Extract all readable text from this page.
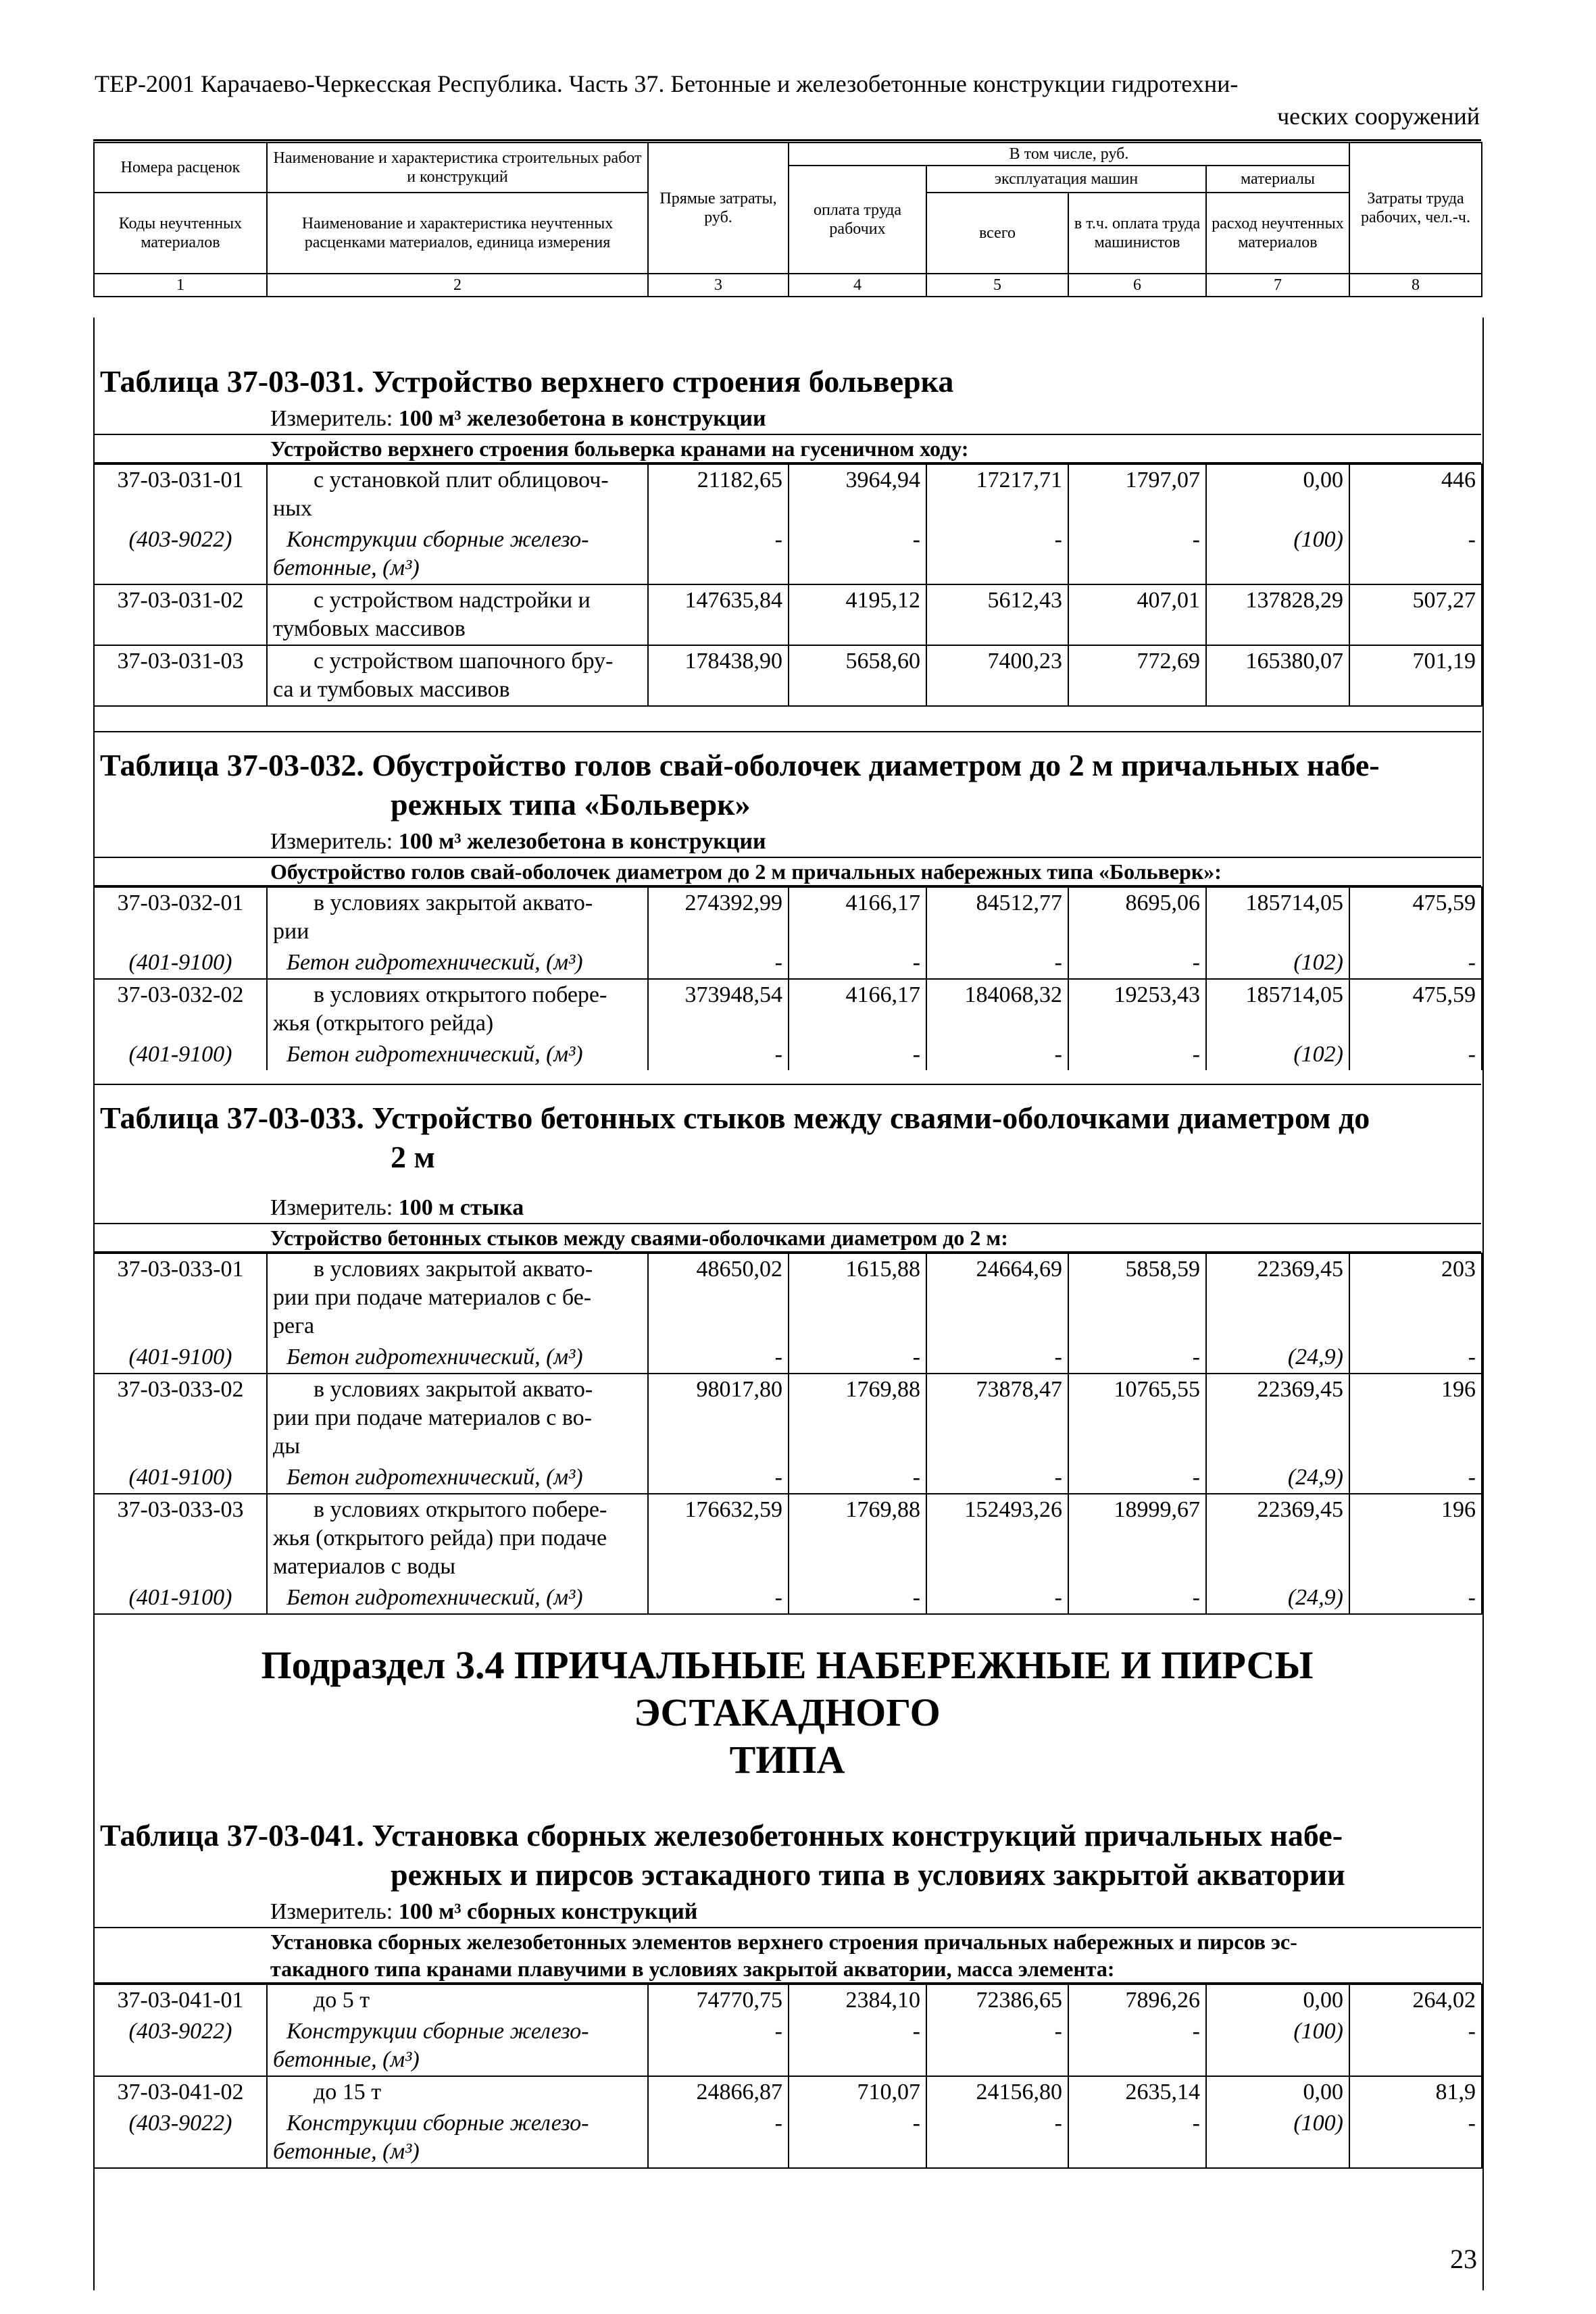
ТЕР-2001 Карачаево-Черкесская Республика. Часть 37. Бетонные и железобетонные конструкции гидротехни-
ческих сооружений
Номера расценок	Наименование и характеристика строительных работ и конструкций	Прямые затраты, руб.	В том числе, руб.				Затраты труда рабочих, чел.-ч.
			оплата труда рабочих	эксплуатация машин		материалы	
Коды неучтенных материалов	Наименование и характеристика неучтенных расценками материалов, единица измерения			всего	в т.ч. оплата труда машинистов	расход неучтенных материалов	

1	2	3	4	5	6	7	8
Таблица 37-03-031. Устройство верхнего строения больверка
Измеритель: 100 м³ железобетона в конструкции
Устройство верхнего строения больверка кранами на гусеничном ходу:
37-03-031-01	с установкой плит облицовоч-
ных	21182,65	3964,94	17217,71	1797,07	0,00	446
(403-9022)	Конструкции сборные железо-
бетонные, (м³)	-	-	-	-	(100)	-
37-03-031-02	с устройством надстройки и
тумбовых массивов	147635,84	4195,12	5612,43	407,01	137828,29	507,27
37-03-031-03	с устройством шапочного бру-
са и тумбовых массивов	178438,90	5658,60	7400,23	772,69	165380,07	701,19
Таблица 37-03-032. Обустройство голов свай-оболочек диаметром до 2 м причальных набе-
режных типа «Больверк»
Измеритель: 100 м³ железобетона в конструкции
Обустройство голов свай-оболочек диаметром до 2 м причальных набережных типа «Больверк»:
37-03-032-01	в условиях закрытой аквато-
рии	274392,99	4166,17	84512,77	8695,06	185714,05	475,59
(401-9100)	Бетон гидротехнический, (м³)	-	-	-	-	(102)	-
37-03-032-02	в условиях открытого побере-
жья (открытого рейда)	373948,54	4166,17	184068,32	19253,43	185714,05	475,59
(401-9100)	Бетон гидротехнический, (м³)	-	-	-	-	(102)	-
Таблица 37-03-033. Устройство бетонных стыков между сваями-оболочками диаметром до
2 м
Измеритель: 100 м стыка
Устройство бетонных стыков между сваями-оболочками диаметром до 2 м:
37-03-033-01	в условиях закрытой аквато-
рии при подаче материалов с бе-
рега	48650,02	1615,88	24664,69	5858,59	22369,45	203
(401-9100)	Бетон гидротехнический, (м³)	-	-	-	-	(24,9)	-
37-03-033-02	в условиях закрытой аквато-
рии при подаче материалов с во-
ды	98017,80	1769,88	73878,47	10765,55	22369,45	196
(401-9100)	Бетон гидротехнический, (м³)	-	-	-	-	(24,9)	-
37-03-033-03	в условиях открытого побере-
жья (открытого рейда) при подаче
материалов с воды	176632,59	1769,88	152493,26	18999,67	22369,45	196
(401-9100)	Бетон гидротехнический, (м³)	-	-	-	-	(24,9)	-
Подраздел 3.4 ПРИЧАЛЬНЫЕ НАБЕРЕЖНЫЕ И ПИРСЫ ЭСТАКАДНОГО
ТИПА
Таблица 37-03-041. Установка сборных железобетонных конструкций причальных набе-
режных и пирсов эстакадного типа в условиях закрытой акватории
Измеритель: 100 м³ сборных конструкций
Установка сборных железобетонных элементов верхнего строения причальных набережных и пирсов эс-
такадного типа кранами плавучими в условиях закрытой акватории, масса элемента:
37-03-041-01	до 5 т	74770,75	2384,10	72386,65	7896,26	0,00	264,02
(403-9022)	Конструкции сборные железо-
бетонные, (м³)	-	-	-	-	(100)	-
37-03-041-02	до 15 т	24866,87	710,07	24156,80	2635,14	0,00	81,9
(403-9022)	Конструкции сборные железо-
бетонные, (м³)	-	-	-	-	(100)	-
23
